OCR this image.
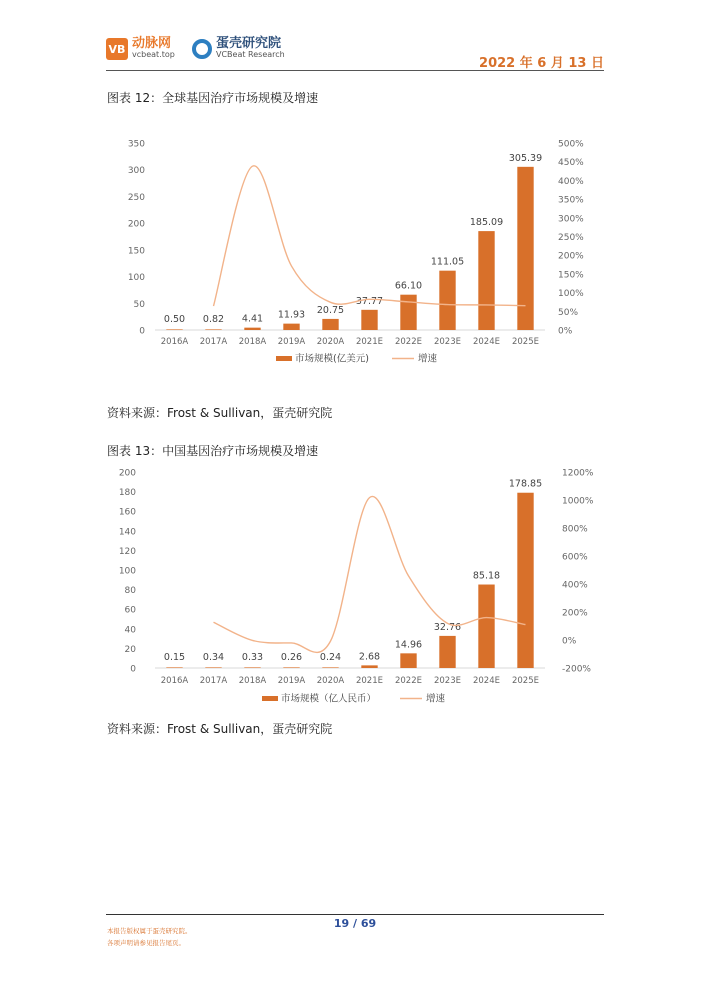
VB 动脉网
vcbeat.top
蛋壳研究院
VCBeat Research
2022 年 6 月 13 日
图表 12：全球基因治疗市场规模及增速
0
50
100
150
200
250
300
350
0%
50%
100%
150%
200%
250%
300%
350%
400%
450%
500%
0.50
2016A
0.82
2017A
4.41
2018A
11.93
2019A
20.75
2020A
37.77
2021E
66.10
2022E
111.05
2023E
185.09
2024E
305.39
2025E
市场规模(亿美元)	增速
资料来源：Frost & Sullivan，蛋壳研究院
图表 13：中国基因治疗市场规模及增速
0
20
40
60
80
100
120
140
160
180
200
-200%
0%
200%
400%
600%
800%
1000%
1200%
0.15
2016A
0.34
2017A
0.33
2018A
0.26
2019A
0.24
2020A
2.68
2021E
14.96
2022E
32.76
2023E
85.18
2024E
178.85
2025E
市场规模（亿人民币）	增速
资料来源：Frost & Sullivan，蛋壳研究院
19 / 69
本报告版权属于蛋壳研究院。
各项声明请参见报告尾页。
